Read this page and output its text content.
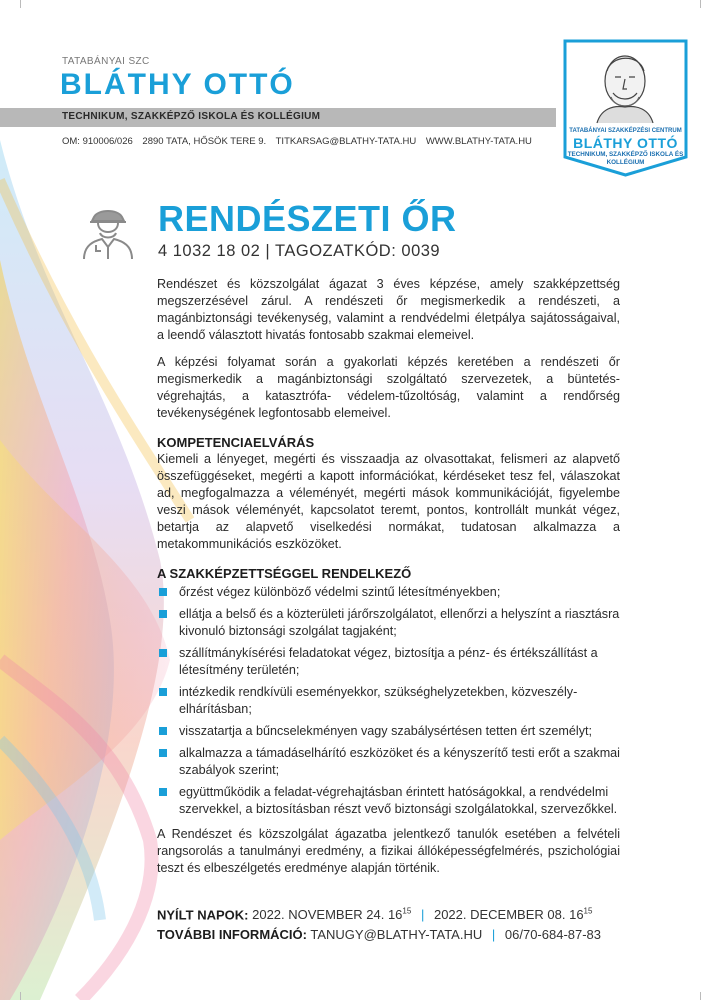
TATABÁNYAI SZC
BLÁTHY OTTÓ
TECHNIKUM, SZAKKÉPZŐ ISKOLA ÉS KOLLÉGIUM
OM: 910006/026 2890 TATA, HŐSÖK TERE 9. TITKARSAG@BLATHY-TATA.HU WWW.BLATHY-TATA.HU
TATABÁNYAI SZAKKÉPZÉSI CENTRUM
BLÁTHY OTTÓ
TECHNIKUM, SZAKKÉPZŐ ISKOLA ÉS KOLLÉGIUM
RENDÉSZETI ŐR
4 1032 18 02 | TAGOZATKÓD: 0039

Rendészet és közszolgálat ágazat 3 éves képzése, amely szakképzettség megszerzésével zárul. A rendészeti őr megismerkedik a rendészeti, a magánbiztonsági tevékenység, valamint a rendvédelmi életpálya sajátosságaival, a leendő választott hivatás fontosabb szakmai elemeivel.

A képzési folyamat során a gyakorlati képzés keretében a rendészeti őr megismerkedik a magánbiztonsági szolgáltató szervezetek, a büntetés-végrehajtás, a katasztrófa- védelem-tűzoltóság, valamint a rendőrség tevékenységének legfontosabb elemeivel.

KOMPETENCIAELVÁRÁS

Kiemeli a lényeget, megérti és visszaadja az olvasottakat, felismeri az alapvető összefüggéseket, megérti a kapott információkat, kérdéseket tesz fel, válaszokat ad, megfogalmazza a véleményét, megérti mások kommunikációját, figyelembe veszi mások véleményét, kapcsolatot teremt, pontos, kontrollált munkát végez, betartja az alapvető viselkedési normákat, tudatosan alkalmazza a metakommunikációs eszközöket.

A SZAKKÉPZETTSÉGGEL RENDELKEZŐ
őrzést végez különböző védelmi szintű létesítményekben;
ellátja a belső és a közterületi járőrszolgálatot, ellenőrzi a helyszínt a riasztásra kivonuló biztonsági szolgálat tagjaként;
szállítmánykísérési feladatokat végez, biztosítja a pénz- és értékszállítást a létesítmény területén;
intézkedik rendkívüli eseményekkor, szükséghelyzetekben, közveszély-elhárításban;
visszatartja a bűncselekményen vagy szabálysértésen tetten ért személyt;
alkalmazza a támadáselhárító eszközöket és a kényszerítő testi erőt a szakmai szabályok szerint;
együttműködik a feladat-végrehajtásban érintett hatóságokkal, a rendvédelmi szervekkel, a biztosításban részt vevő biztonsági szolgálatokkal, szervezőkkel.

A Rendészet és közszolgálat ágazatba jelentkező tanulók esetében a felvételi rangsorolás a tanulmányi eredmény, a fizikai állóképességfelmérés, pszichológiai teszt és elbeszélgetés eredménye alapján történik.

NYÍLT NAPOK: 2022. NOVEMBER 24. $16^{15}$ | 2022. DECEMBER 08. $16^{15}$
TOVÁBBI INFORMÁCIÓ: TANUGY@BLATHY-TATA.HU | 06/70-684-87-83
